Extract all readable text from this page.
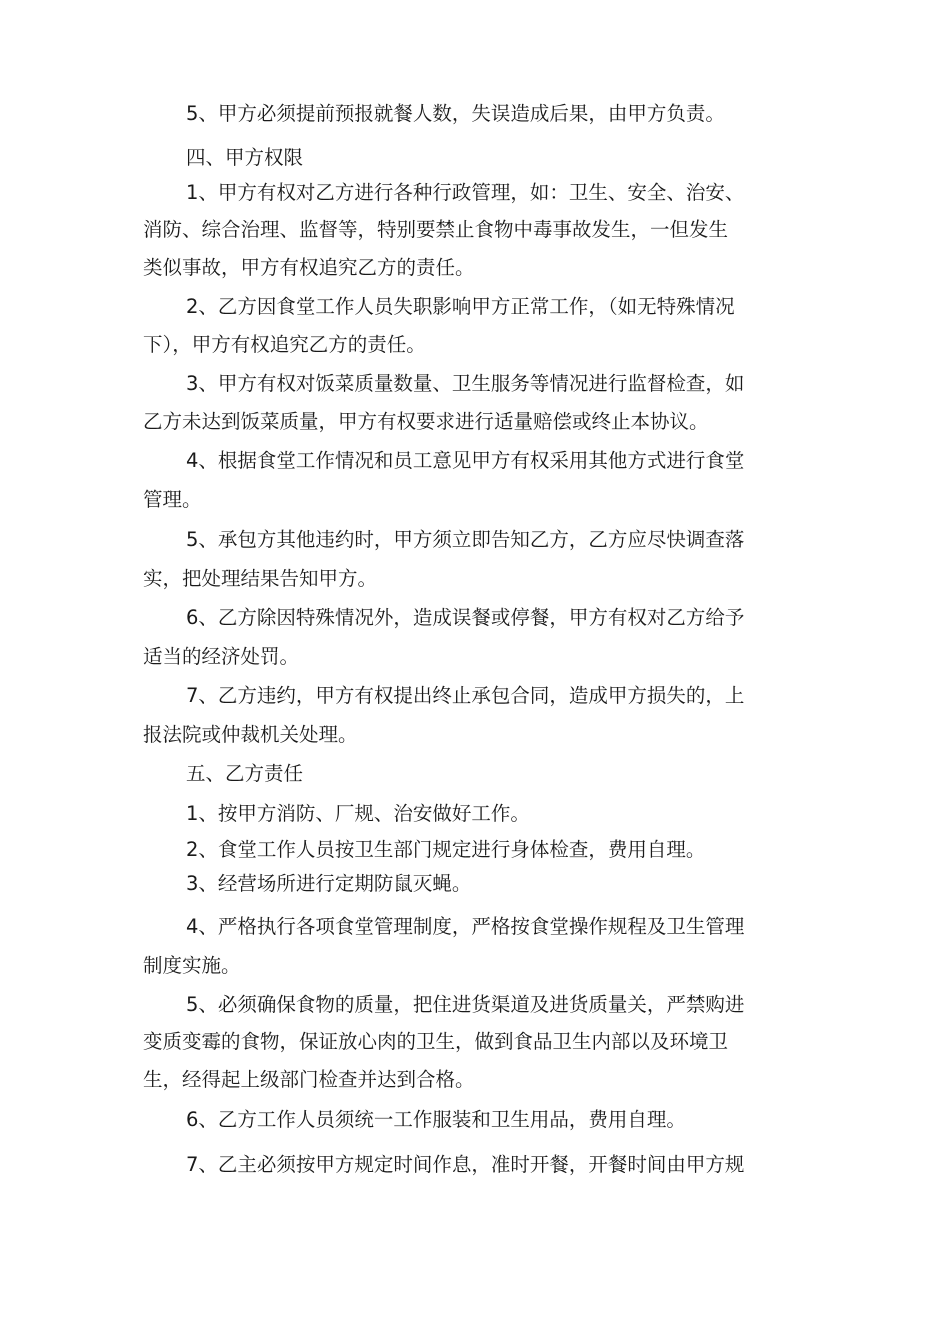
5、甲方必须提前预报就餐人数，失误造成后果，由甲方负责。
四、甲方权限
1、甲方有权对乙方进行各种行政管理，如：卫生、安全、治安、
消防、综合治理、监督等，特别要禁止食物中毒事故发生，一但发生
类似事故，甲方有权追究乙方的责任。
2、乙方因食堂工作人员失职影响甲方正常工作，（如无特殊情况
下），甲方有权追究乙方的责任。
3、甲方有权对饭菜质量数量、卫生服务等情况进行监督检查，如
乙方未达到饭菜质量，甲方有权要求进行适量赔偿或终止本协议。
4、根据食堂工作情况和员工意见甲方有权采用其他方式进行食堂
管理。
5、承包方其他违约时，甲方须立即告知乙方，乙方应尽快调查落
实，把处理结果告知甲方。
6、乙方除因特殊情况外，造成误餐或停餐，甲方有权对乙方给予
适当的经济处罚。
7、乙方违约，甲方有权提出终止承包合同，造成甲方损失的，上
报法院或仲裁机关处理。
五、乙方责任
1、按甲方消防、厂规、治安做好工作。
2、食堂工作人员按卫生部门规定进行身体检查，费用自理。
3、经营场所进行定期防鼠灭蝇。
4、严格执行各项食堂管理制度，严格按食堂操作规程及卫生管理
制度实施。
5、必须确保食物的质量，把住进货渠道及进货质量关，严禁购进
变质变霉的食物，保证放心肉的卫生，做到食品卫生内部以及环境卫
生，经得起上级部门检查并达到合格。
6、乙方工作人员须统一工作服装和卫生用品，费用自理。
7、乙主必须按甲方规定时间作息，准时开餐，开餐时间由甲方规
